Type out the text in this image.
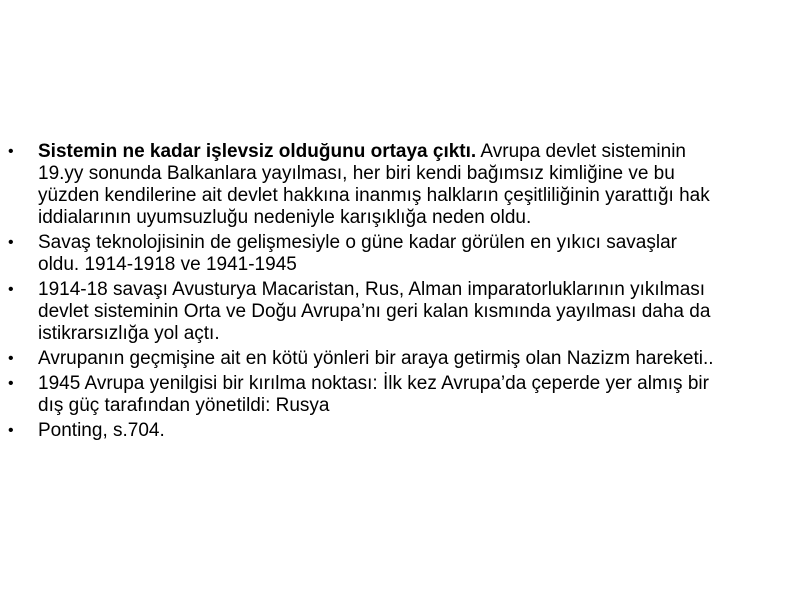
•	Sistemin ne kadar işlevsiz olduğunu ortaya çıktı. Avrupa devlet sisteminin 19.yy sonunda Balkanlara yayılması, her biri kendi bağımsız kimliğine ve bu yüzden kendilerine ait devlet hakkına inanmış halkların çeşitliliğinin yarattığı hak iddialarının uyumsuzluğu nedeniyle karışıklığa neden oldu.
•	Savaş teknolojisinin de gelişmesiyle o güne kadar görülen en yıkıcı savaşlar oldu. 1914-1918 ve 1941-1945
•	1914-18 savaşı Avusturya Macaristan, Rus, Alman imparatorluklarının yıkılması devlet sisteminin Orta ve Doğu Avrupa’nı geri kalan kısmında yayılması daha da istikrarsızlığa yol açtı.
•	Avrupanın geçmişine ait en kötü yönleri bir araya getirmiş olan Nazizm hareketi..
•	1945 Avrupa yenilgisi bir kırılma noktası: İlk kez Avrupa’da çeperde yer almış bir dış güç tarafından yönetildi: Rusya
•	Ponting, s.704.
